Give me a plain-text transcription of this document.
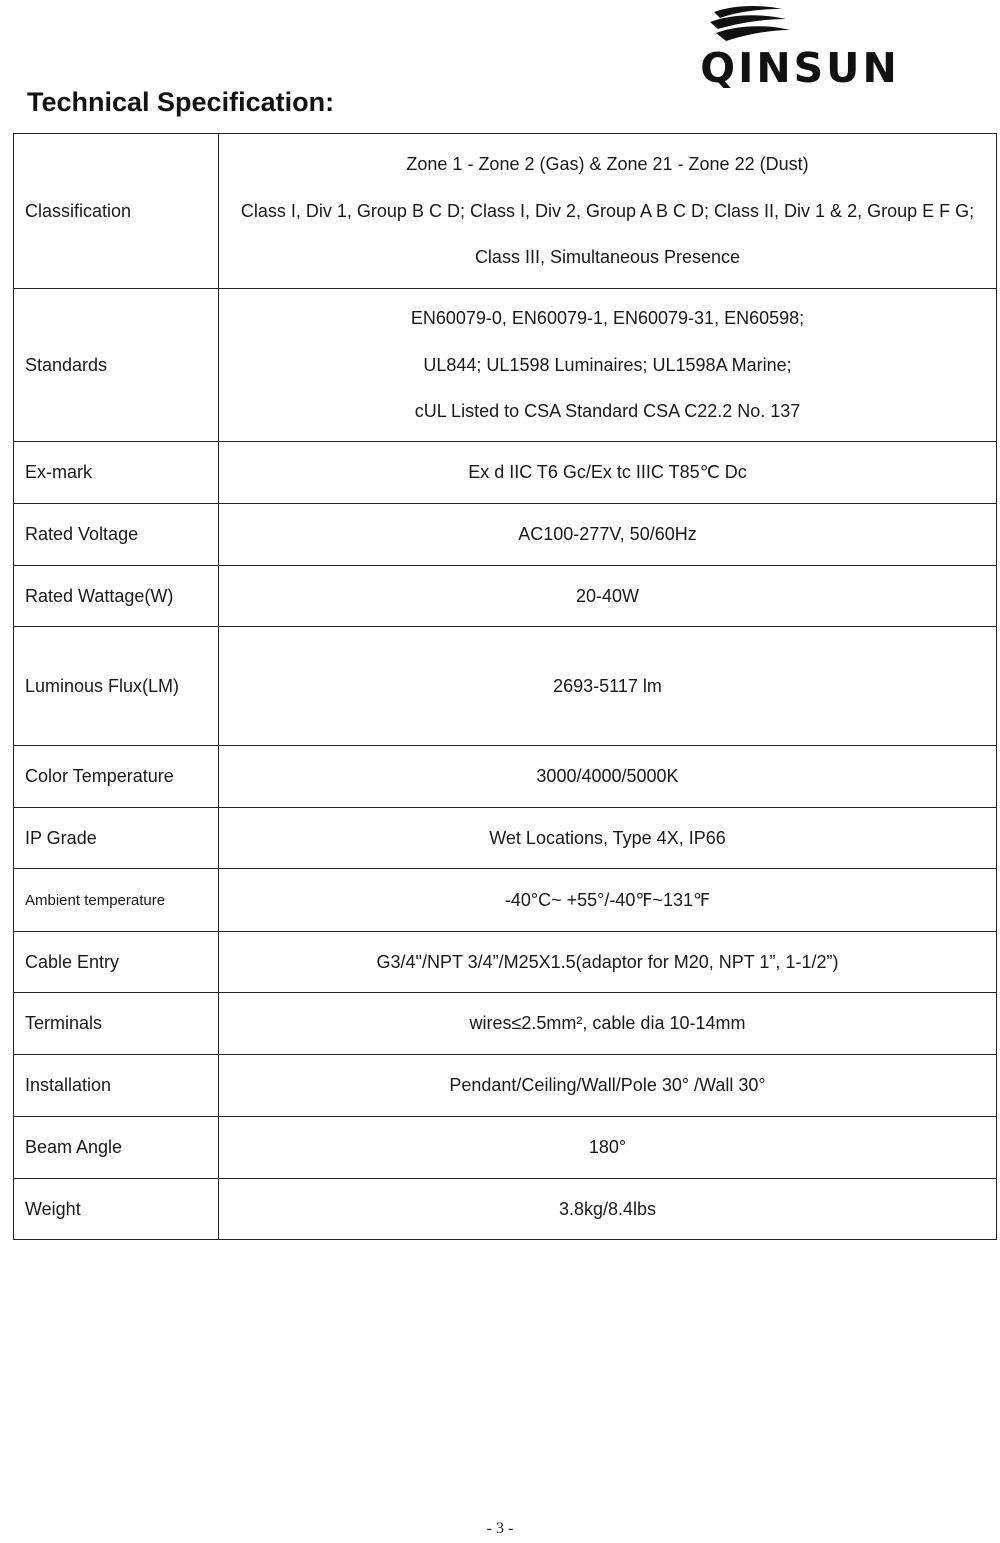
QINSUN
Technical Specification:
Classification	Zone 1 - Zone 2 (Gas) & Zone 21 - Zone 22 (Dust)
Class I, Div 1, Group B C D; Class I, Div 2, Group A B C D; Class II, Div 1 & 2, Group E F G;
Class III, Simultaneous Presence

Standards	EN60079-0, EN60079-1, EN60079-31, EN60598;
UL844; UL1598 Luminaires; UL1598A Marine;
cUL Listed to CSA Standard CSA C22.2 No. 137

Ex-mark	Ex d IIC T6 Gc/Ex tc IIIC T85℃ Dc
Rated Voltage	AC100-277V, 50/60Hz
Rated Wattage(W)	20-40W
Luminous Flux(LM)	2693-5117 lm
Color Temperature	3000/4000/5000K
IP Grade	Wet Locations, Type 4X, IP66
Ambient temperature	-40°C~ +55°/-40℉~131℉
Cable Entry	G3/4"/NPT 3/4”/M25X1.5(adaptor for M20, NPT 1”, 1-1/2”)
Terminals	wires≤2.5mm², cable dia 10-14mm
Installation	Pendant/Ceiling/Wall/Pole 30° /Wall 30°
Beam Angle	180°
Weight	3.8kg/8.4lbs
- 3 -
